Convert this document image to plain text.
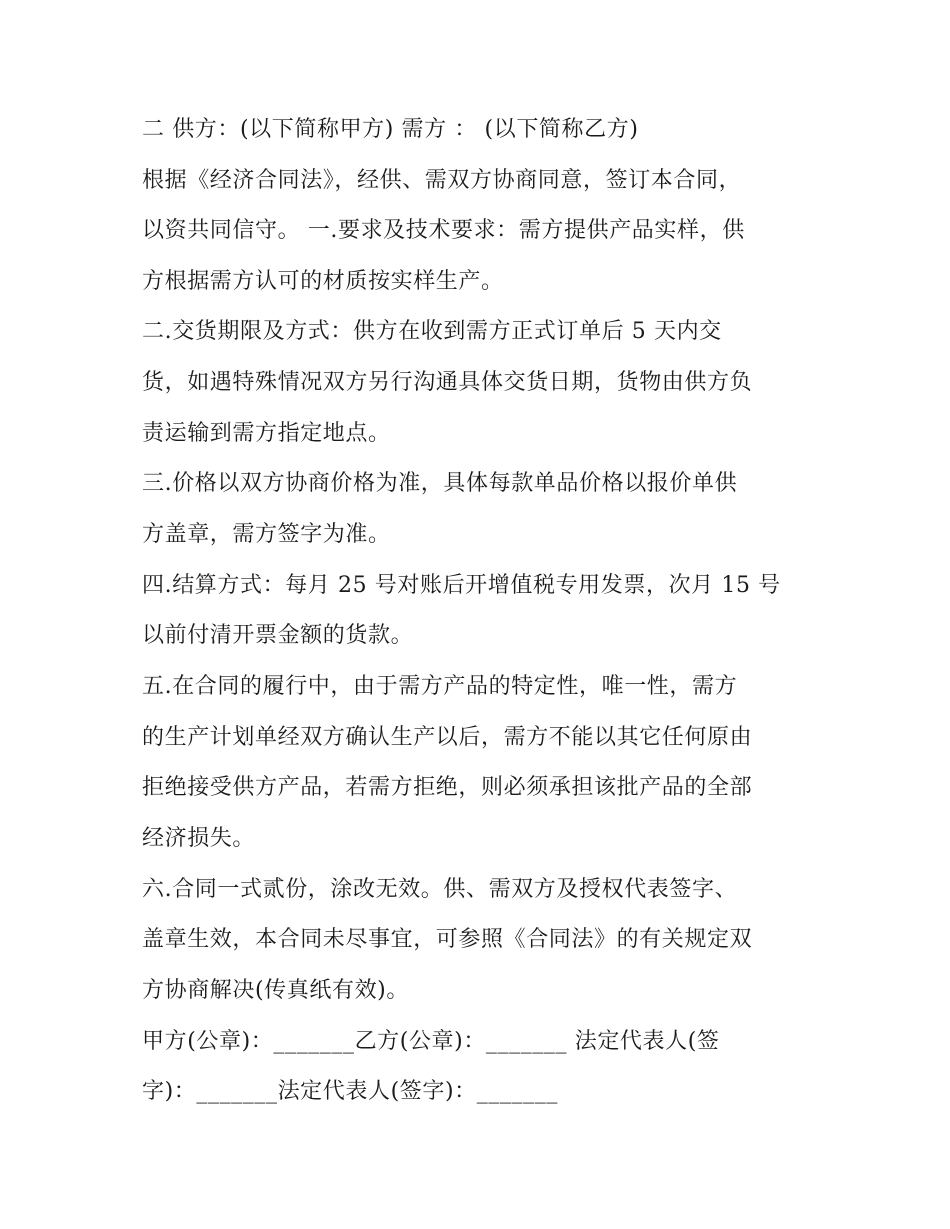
二 供方：(以下简称甲方) 需方 ： (以下简称乙方)

根据《经济合同法》，经供、需双方协商同意，签订本合同，

以资共同信守。 一.要求及技术要求：需方提供产品实样，供

方根据需方认可的材质按实样生产。

二.交货期限及方式：供方在收到需方正式订单后 5 天内交

货，如遇特殊情况双方另行沟通具体交货日期，货物由供方负

责运输到需方指定地点。

三.价格以双方协商价格为准，具体每款单品价格以报价单供

方盖章，需方签字为准。

四.结算方式：每月 25 号对账后开增值税专用发票，次月 15 号

以前付清开票金额的货款。

五.在合同的履行中，由于需方产品的特定性，唯一性，需方

的生产计划单经双方确认生产以后，需方不能以其它任何原由

拒绝接受供方产品，若需方拒绝，则必须承担该批产品的全部

经济损失。

六.合同一式贰份，涂改无效。供、需双方及授权代表签字、

盖章生效，本合同未尽事宜，可参照《合同法》的有关规定双

方协商解决(传真纸有效)。

甲方(公章)：_______乙方(公章)：_______ 法定代表人(签

字)：_______法定代表人(签字)：_______
